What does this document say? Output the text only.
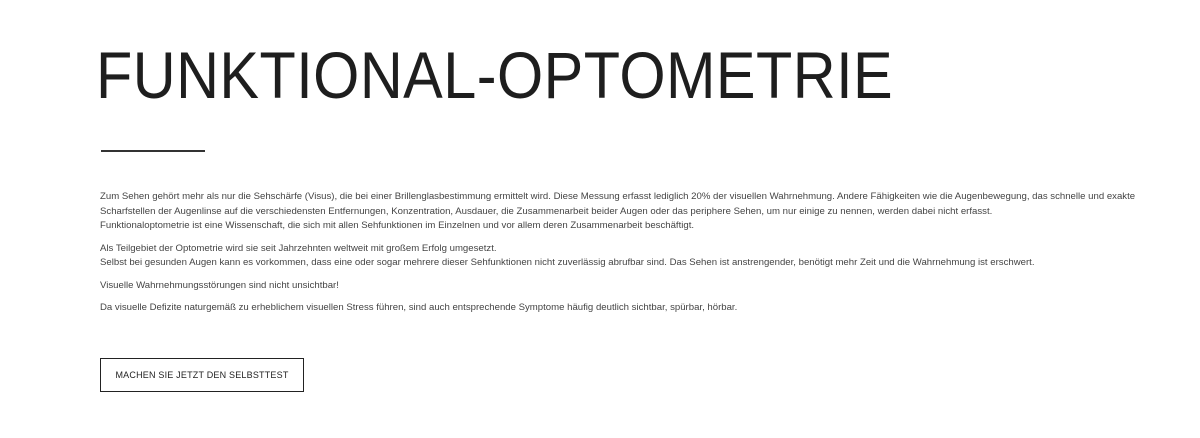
FUNKTIONAL-OPTOMETRIE

Zum Sehen gehört mehr als nur die Sehschärfe (Visus), die bei einer Brillenglasbestimmung ermittelt wird. Diese Messung erfasst lediglich 20% der visuellen Wahrnehmung. Andere Fähigkeiten wie die Augenbewegung, das schnelle und exakte
Scharfstellen der Augenlinse auf die verschiedensten Entfernungen, Konzentration, Ausdauer, die Zusammenarbeit beider Augen oder das periphere Sehen, um nur einige zu nennen, werden dabei nicht erfasst.
Funktionaloptometrie ist eine Wissenschaft, die sich mit allen Sehfunktionen im Einzelnen und vor allem deren Zusammenarbeit beschäftigt.

Als Teilgebiet der Optometrie wird sie seit Jahrzehnten weltweit mit großem Erfolg umgesetzt.
Selbst bei gesunden Augen kann es vorkommen, dass eine oder sogar mehrere dieser Sehfunktionen nicht zuverlässig abrufbar sind. Das Sehen ist anstrengender, benötigt mehr Zeit und die Wahrnehmung ist erschwert.

Visuelle Wahrnehmungsstörungen sind nicht unsichtbar!

Da visuelle Defizite naturgemäß zu erheblichem visuellen Stress führen, sind auch entsprechende Symptome häufig deutlich sichtbar, spürbar, hörbar.

MACHEN SIE JETZT DEN SELBSTTEST
